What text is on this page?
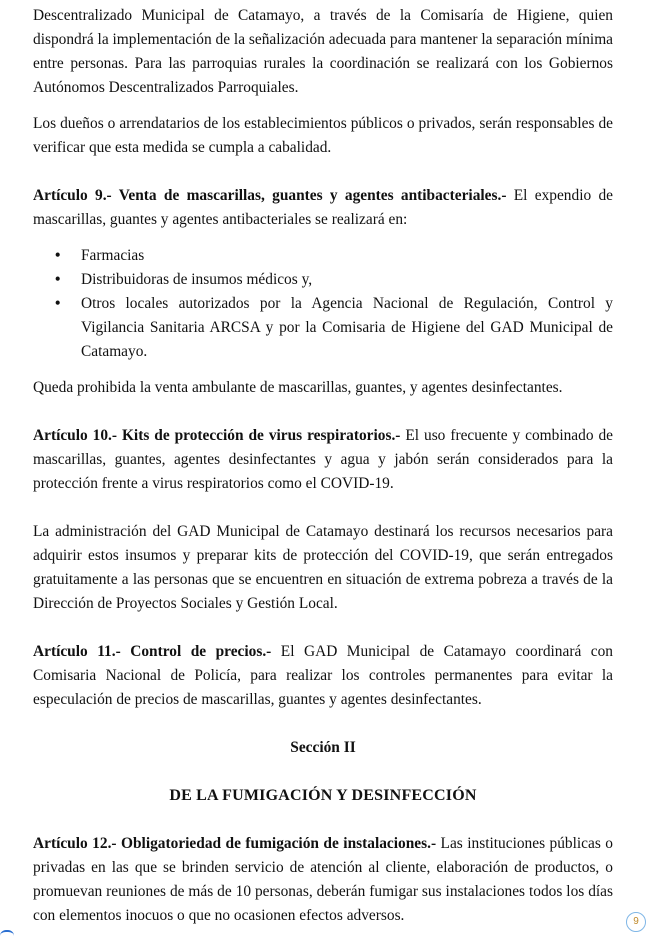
Descentralizado Municipal de Catamayo, a través de la Comisaría de Higiene, quien dispondrá la implementación de la señalización adecuada para mantener la separación mínima entre personas. Para las parroquias rurales la coordinación se realizará con los Gobiernos Autónomos Descentralizados Parroquiales.

Los dueños o arrendatarios de los establecimientos públicos o privados, serán responsables de verificar que esta medida se cumpla a cabalidad.

Artículo 9.- Venta de mascarillas, guantes y agentes antibacteriales.- El expendio de mascarillas, guantes y agentes antibacteriales se realizará en:

• Farmacias
• Distribuidoras de insumos médicos y,
• Otros locales autorizados por la Agencia Nacional de Regulación, Control y Vigilancia Sanitaria ARCSA y por la Comisaria de Higiene del GAD Municipal de Catamayo.

Queda prohibida la venta ambulante de mascarillas, guantes, y agentes desinfectantes.

Artículo 10.- Kits de protección de virus respiratorios.- El uso frecuente y combinado de mascarillas, guantes, agentes desinfectantes y agua y jabón serán considerados para la protección frente a virus respiratorios como el COVID-19.

La administración del GAD Municipal de Catamayo destinará los recursos necesarios para adquirir estos insumos y preparar kits de protección del COVID-19, que serán entregados gratuitamente a las personas que se encuentren en situación de extrema pobreza a través de la Dirección de Proyectos Sociales y Gestión Local.

Artículo 11.- Control de precios.- El GAD Municipal de Catamayo coordinará con Comisaria Nacional de Policía, para realizar los controles permanentes para evitar la especulación de precios de mascarillas, guantes y agentes desinfectantes.

Sección II

DE LA FUMIGACIÓN Y DESINFECCIÓN

Artículo 12.- Obligatoriedad de fumigación de instalaciones.- Las instituciones públicas o privadas en las que se brinden servicio de atención al cliente, elaboración de productos, o promuevan reuniones de más de 10 personas, deberán fumigar sus instalaciones todos los días con elementos inocuos o que no ocasionen efectos adversos.	9
